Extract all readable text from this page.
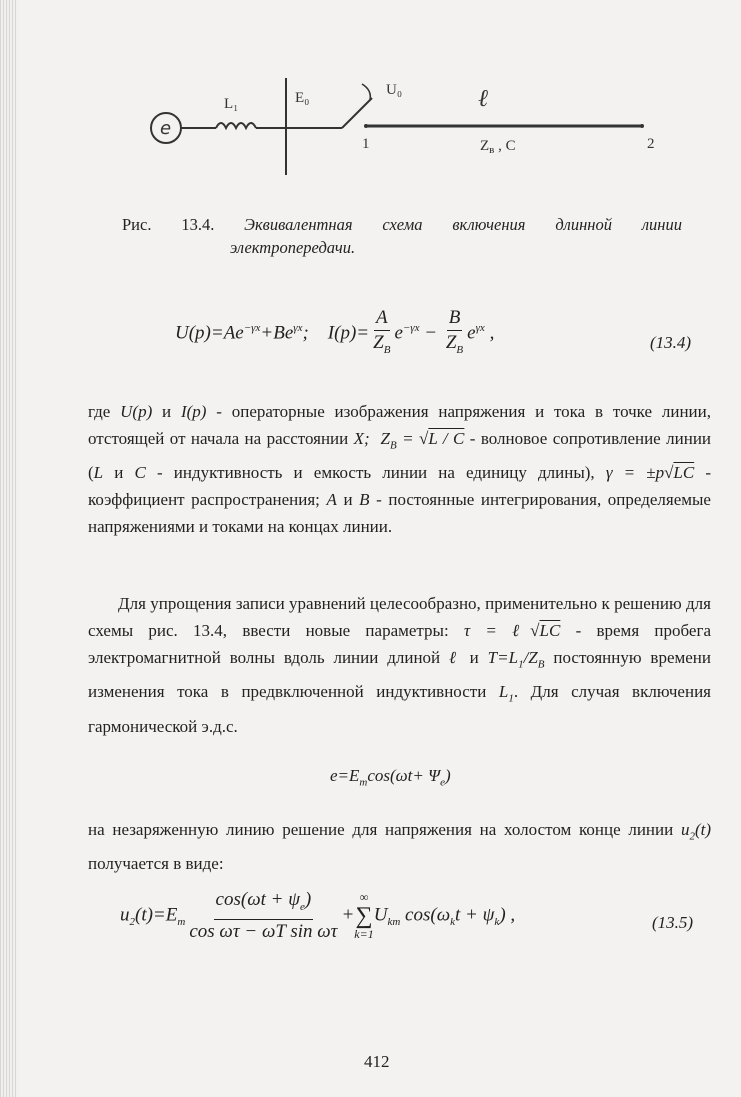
e
L₁	E₀	U₀	ℓ
1	2
$Z_в$ , C
Рис. 13.4. Эквивалентная схема включения длинной линии
электропередачи.
$U(p)=Ae^{-\gamma x}+Be^{\gamma x}$;    $I(p)= \frac{A}{Z_B} e^{-\gamma x} - \frac{B}{Z_B} e^{\gamma x}$ ,	(13.4)
где U(p) и I(p) - операторные изображения напряжения и тока в точке линии, отстоящей от начала на расстоянии X;  $Z_B = √L / C$ - волновое сопротивление линии (L и C - индуктивность и емкость линии на единицу длины), γ = ±p√LC - коэффициент распространения; A и B - постоянные интегрирования, определяемые напряжениями и токами на концах линии.
Для упрощения записи уравнений целесообразно, применительно к решению для схемы рис. 13.4, ввести новые параметры: τ = ℓ√LC - время пробега электромагнитной волны вдоль линии длиной ℓ и $T=L_1/Z_B$ постоянную времени изменения тока в предвключенной индуктивности $L_1$. Для случая включения гармонической э.д.с.
$e=E_m\cos(\omega t+ \Psi_e)$
на незаряженную линию решение для напряжения на холостом конце линии $u_2(t)$ получается в виде:
$u_2(t)=E_m \frac{\cos(\omega t + \psi_e)}{\text{cos ωτ − ωT sin ωτ}}$ +
∞
∑
k=1
$U_{km}$ $\cos(\omega_kt + \psi_k)$ ,	(13.5)
412
